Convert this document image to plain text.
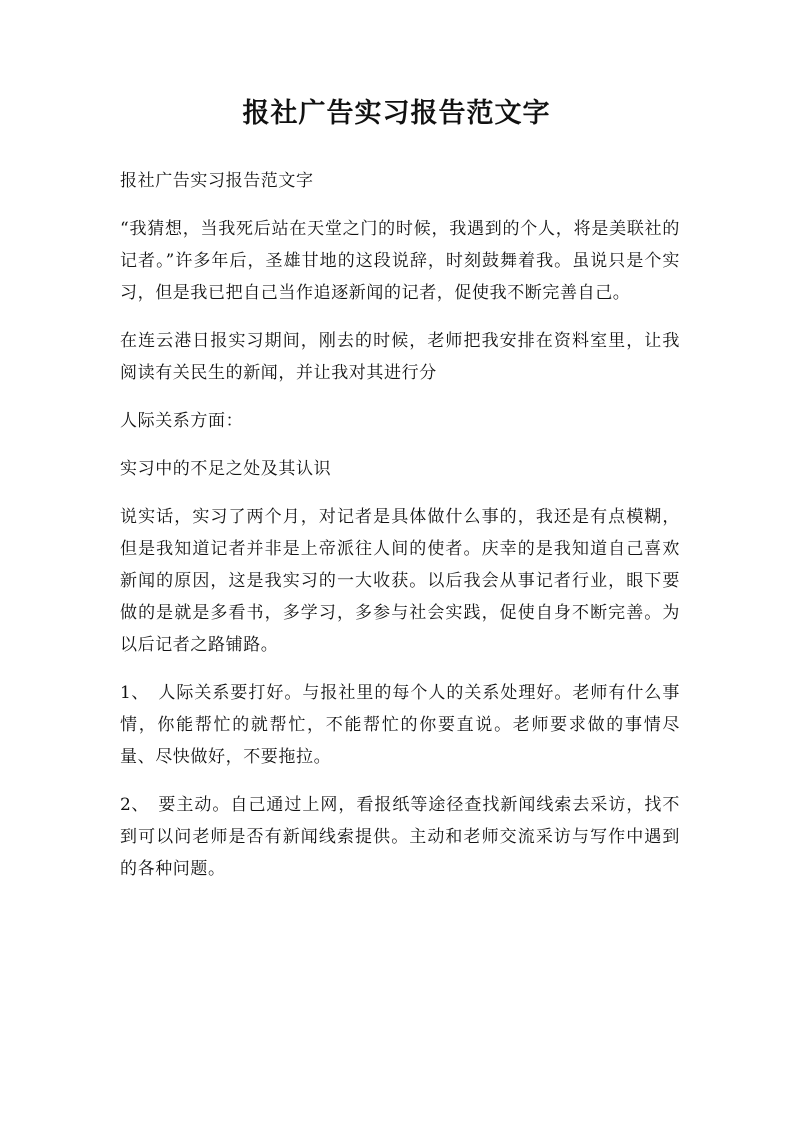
报社广告实习报告范文字

报社广告实习报告范文字

“我猜想，当我死后站在天堂之门的时候，我遇到的个人，将是美联社的记者。”许多年后，圣雄甘地的这段说辞，时刻鼓舞着我。虽说只是个实习，但是我已把自己当作追逐新闻的记者，促使我不断完善自己。

在连云港日报实习期间，刚去的时候，老师把我安排在资料室里，让我阅读有关民生的新闻，并让我对其进行分

人际关系方面：

实习中的不足之处及其认识

说实话，实习了两个月，对记者是具体做什么事的，我还是有点模糊，但是我知道记者并非是上帝派往人间的使者。庆幸的是我知道自己喜欢新闻的原因，这是我实习的一大收获。以后我会从事记者行业，眼下要做的是就是多看书，多学习，多参与社会实践，促使自身不断完善。为以后记者之路铺路。

1、 人际关系要打好。与报社里的每个人的关系处理好。老师有什么事情，你能帮忙的就帮忙，不能帮忙的你要直说。老师要求做的事情尽量、尽快做好，不要拖拉。

2、 要主动。自己通过上网，看报纸等途径查找新闻线索去采访，找不到可以问老师是否有新闻线索提供。主动和老师交流采访与写作中遇到的各种问题。
